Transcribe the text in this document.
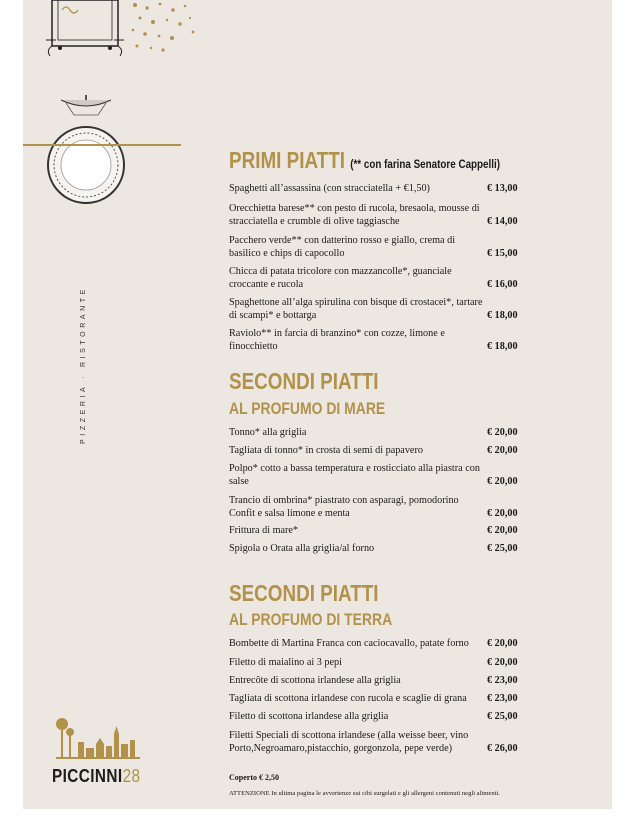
PIZZERIA · RISTORANTE
PICCINNI28
PRIMI PIATTI (** con farina Senatore Cappelli)
Spaghetti all’assassina (con stracciatella + €1,50)	€ 13,00
Orecchietta barese** con pesto di rucola, bresaola, mousse di stracciatella e crumble di olive taggiasche	€ 14,00
Pacchero verde** con datterino rosso e giallo, crema di basilico e chips di capocollo	€ 15,00
Chicca di patata tricolore con mazzancolle*, guanciale croccante e rucola	€ 16,00
Spaghettone all’alga spirulina con bisque di crostacei*, tartare di scampi* e bottarga	€ 18,00
Raviolo** in farcia di branzino* con cozze, limone e finocchietto	€ 18,00
SECONDI PIATTI
AL PROFUMO DI MARE
Tonno* alla griglia	€ 20,00
Tagliata di tonno* in crosta di semi di papavero	€ 20,00
Polpo* cotto a bassa temperatura e rosticciato alla piastra con salse	€ 20,00
Trancio di ombrina* piastrato con asparagi, pomodorino Confit e salsa limone e menta	€ 20,00
Frittura di mare*	€ 20,00
Spigola o Orata alla griglia/al forno	€ 25,00
SECONDI PIATTI
AL PROFUMO DI TERRA
Bombette di Martina Franca con caciocavallo, patate forno	€ 20,00
Filetto di maialino ai 3 pepi	€ 20,00
Entrecôte di scottona irlandese alla griglia	€ 23,00
Tagliata di scottona irlandese con rucola e scaglie di grana	€ 23,00
Filetto di scottona irlandese alla griglia	€ 25,00
Filetti Speciali di scottona irlandese (alla weisse beer, vino Porto,Negroamaro,pistacchio, gorgonzola, pepe verde)	€ 26,00
Coperto € 2,50
ATTENZIONE In ultima pagina le avvertenze sui cibi surgelati e gli allergeni contenuti negli alimenti.
